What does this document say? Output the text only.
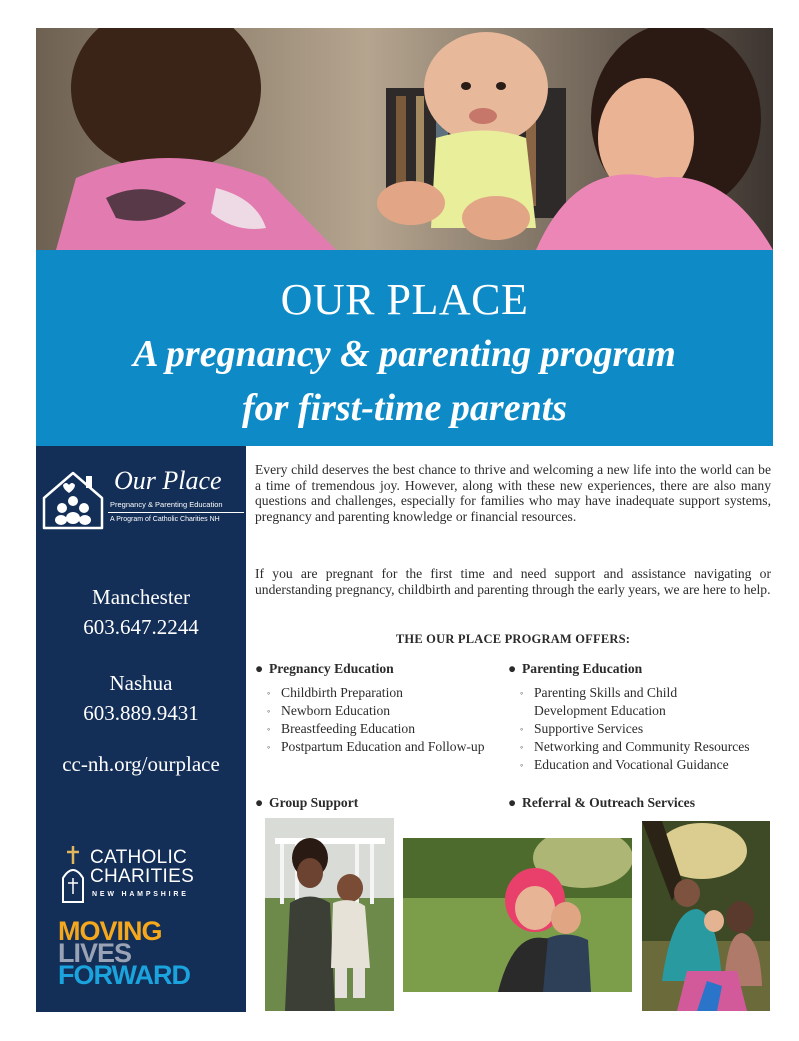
OUR PLACE
A pregnancy & parenting program
for first-time parents
Our Place
Pregnancy & Parenting Education
A Program of Catholic Charities NH
Manchester
603.647.2244
Nashua
603.889.9431
cc-nh.org/ourplace
CATHOLIC
CHARITIES
NEW HAMPSHIRE
MOVING
LIVES
FORWARD
Every child deserves the best chance to thrive and welcoming a new life into the world can be a time of tremendous joy. However, along with these new experiences, there are also many questions and challenges, especially for families who may have inadequate support systems, pregnancy and parenting knowledge or financial resources.
If you are pregnant for the first time and need support and assistance navigating or understanding pregnancy, childbirth and parenting through the early years, we are here to help.
THE OUR PLACE PROGRAM OFFERS:
● Pregnancy Education
◦ Childbirth Preparation
◦ Newborn Education
◦ Breastfeeding Education
◦ Postpartum Education and Follow-up
● Parenting Education
◦ Parenting Skills and Child Development Education
◦ Supportive Services
◦ Networking and Community Resources
◦ Education and Vocational Guidance
● Group Support	● Referral & Outreach Services
